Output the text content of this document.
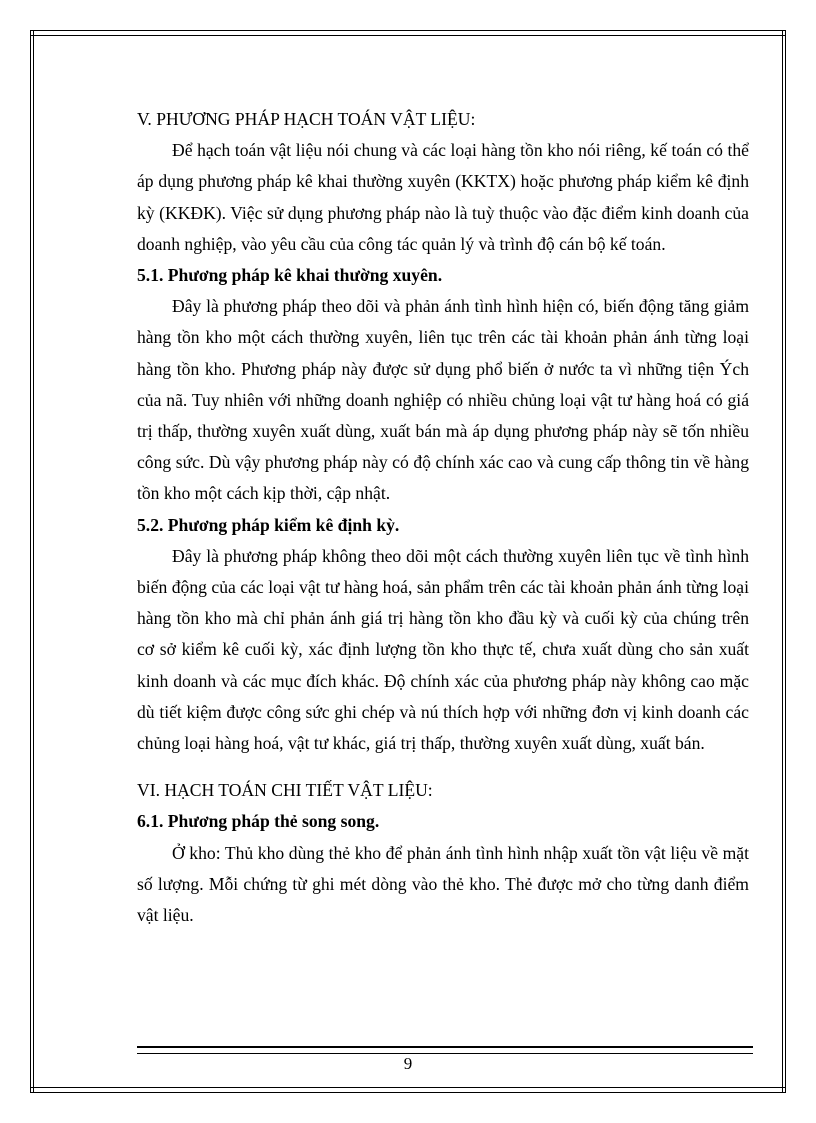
V. PHƯƠNG PHÁP HẠCH TOÁN VẬT LIỆU:

Để hạch toán vật liệu nói chung và các loại hàng tồn kho nói riêng, kế toán có thể áp dụng phương pháp kê khai thường xuyên (KKTX) hoặc phương pháp kiểm kê định kỳ (KKĐK). Việc sử dụng phương pháp nào là tuỳ thuộc vào đặc điểm kinh doanh của doanh nghiệp, vào yêu cầu của công tác quản lý và trình độ cán bộ kế toán.

5.1. Phương pháp kê khai thường xuyên.

Đây là phương pháp theo dõi và phản ánh tình hình hiện có, biến động tăng giảm hàng tồn kho một cách thường xuyên, liên tục trên các tài khoản phản ánh từng loại hàng tồn kho. Phương pháp này được sử dụng phổ biến ở nước ta vì những tiện Ých của nã. Tuy nhiên với những doanh nghiệp có nhiều chủng loại vật tư hàng hoá có giá trị thấp, thường xuyên xuất dùng, xuất bán mà áp dụng phương pháp này sẽ tốn nhiều công sức. Dù vậy phương pháp này có độ chính xác cao và cung cấp thông tin về hàng tồn kho một cách kịp thời, cập nhật.

5.2. Phương pháp kiểm kê định kỳ.

Đây là phương pháp không theo dõi một cách thường xuyên liên tục về tình hình biến động của các loại vật tư hàng hoá, sản phẩm trên các tài khoản phản ánh từng loại hàng tồn kho mà chỉ phản ánh giá trị hàng tồn kho đầu kỳ và cuối kỳ của chúng trên cơ sở kiểm kê cuối kỳ, xác định lượng tồn kho thực tế, chưa xuất dùng cho sản xuất kinh doanh và các mục đích khác. Độ chính xác của phương pháp này không cao mặc dù tiết kiệm được công sức ghi chép và nú thích hợp với những đơn vị kinh doanh các chủng loại hàng hoá, vật tư khác, giá trị thấp, thường xuyên xuất dùng, xuất bán.

VI. HẠCH TOÁN CHI TIẾT VẬT LIỆU:

6.1. Phương pháp thẻ song song.

Ở kho: Thủ kho dùng thẻ kho để phản ánh tình hình nhập xuất tồn vật liệu về mặt số lượng. Mỗi chứng từ ghi mét dòng vào thẻ kho. Thẻ được mở cho từng danh điểm vật liệu.

9
